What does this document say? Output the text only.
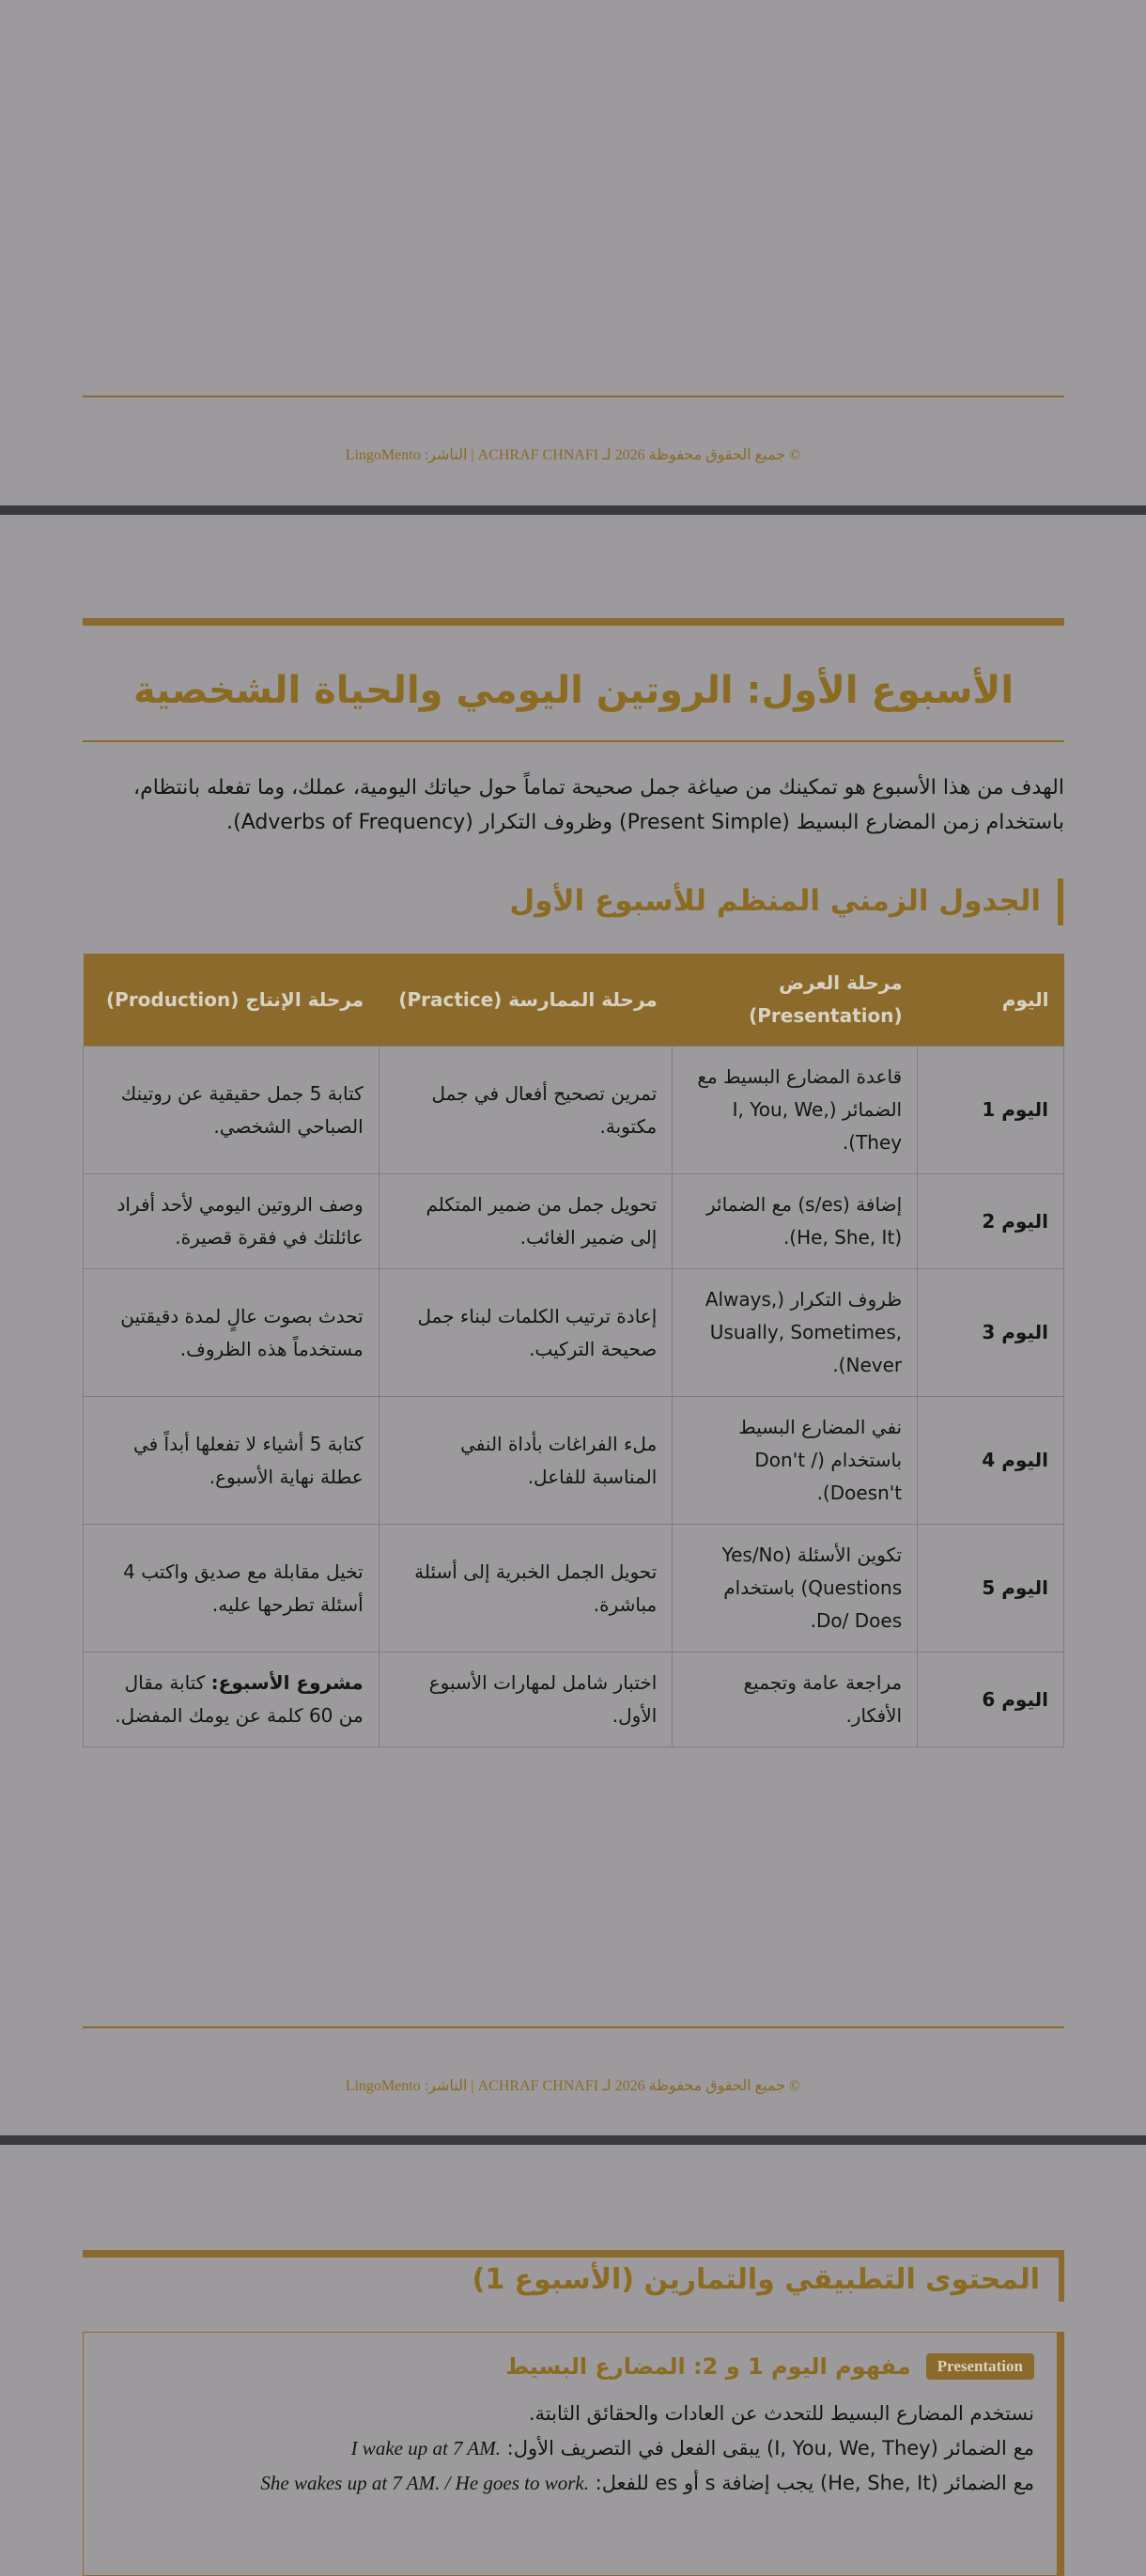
© جميع الحقوق محفوظة 2026 لـ ACHRAF CHNAFI | الناشر: LingoMento
الأسبوع الأول: الروتين اليومي والحياة الشخصية

الهدف من هذا الأسبوع هو تمكينك من صياغة جمل صحيحة تماماً حول حياتك اليومية، عملك، وما تفعله بانتظام، باستخدام زمن المضارع البسيط (Present Simple) وظروف التكرار (Adverbs of Frequency).

الجدول الزمني المنظم للأسبوع الأول
اليوم	مرحلة العرض (Presentation)	مرحلة الممارسة (Practice)	مرحلة الإنتاج (Production)
اليوم 1	قاعدة المضارع البسيط مع الضمائر (I, You, We, They).	تمرين تصحيح أفعال في جمل مكتوبة.	كتابة 5 جمل حقيقية عن روتينك الصباحي الشخصي.
اليوم 2	إضافة (s/es) مع الضمائر (He, She, It).	تحويل جمل من ضمير المتكلم إلى ضمير الغائب.	وصف الروتين اليومي لأحد أفراد عائلتك في فقرة قصيرة.
اليوم 3	ظروف التكرار (Always, Usually, Sometimes, Never).	إعادة ترتيب الكلمات لبناء جمل صحيحة التركيب.	تحدث بصوت عالٍ لمدة دقيقتين مستخدماً هذه الظروف.
اليوم 4	نفي المضارع البسيط باستخدام (Don't / Doesn't).	ملء الفراغات بأداة النفي المناسبة للفاعل.	كتابة 5 أشياء لا تفعلها أبداً في عطلة نهاية الأسبوع.
اليوم 5	تكوين الأسئلة (Yes/No Questions) باستخدام Do/ Does.	تحويل الجمل الخبرية إلى أسئلة مباشرة.	تخيل مقابلة مع صديق واكتب 4 أسئلة تطرحها عليه.
اليوم 6	مراجعة عامة وتجميع الأفكار.	اختبار شامل لمهارات الأسبوع الأول.	مشروع الأسبوع: كتابة مقال من 60 كلمة عن يومك المفضل.
© جميع الحقوق محفوظة 2026 لـ ACHRAF CHNAFI | الناشر: LingoMento
المحتوى التطبيقي والتمارين (الأسبوع 1)
Presentation
مفهوم اليوم 1 و 2: المضارع البسيط

نستخدم المضارع البسيط للتحدث عن العادات والحقائق الثابتة.

مع الضمائر (I, You, We, They) يبقى الفعل في التصريف الأول: I wake up at 7 AM.

مع الضمائر (He, She, It) يجب إضافة s أو es للفعل: She wakes up at 7 AM. / He goes to work.
